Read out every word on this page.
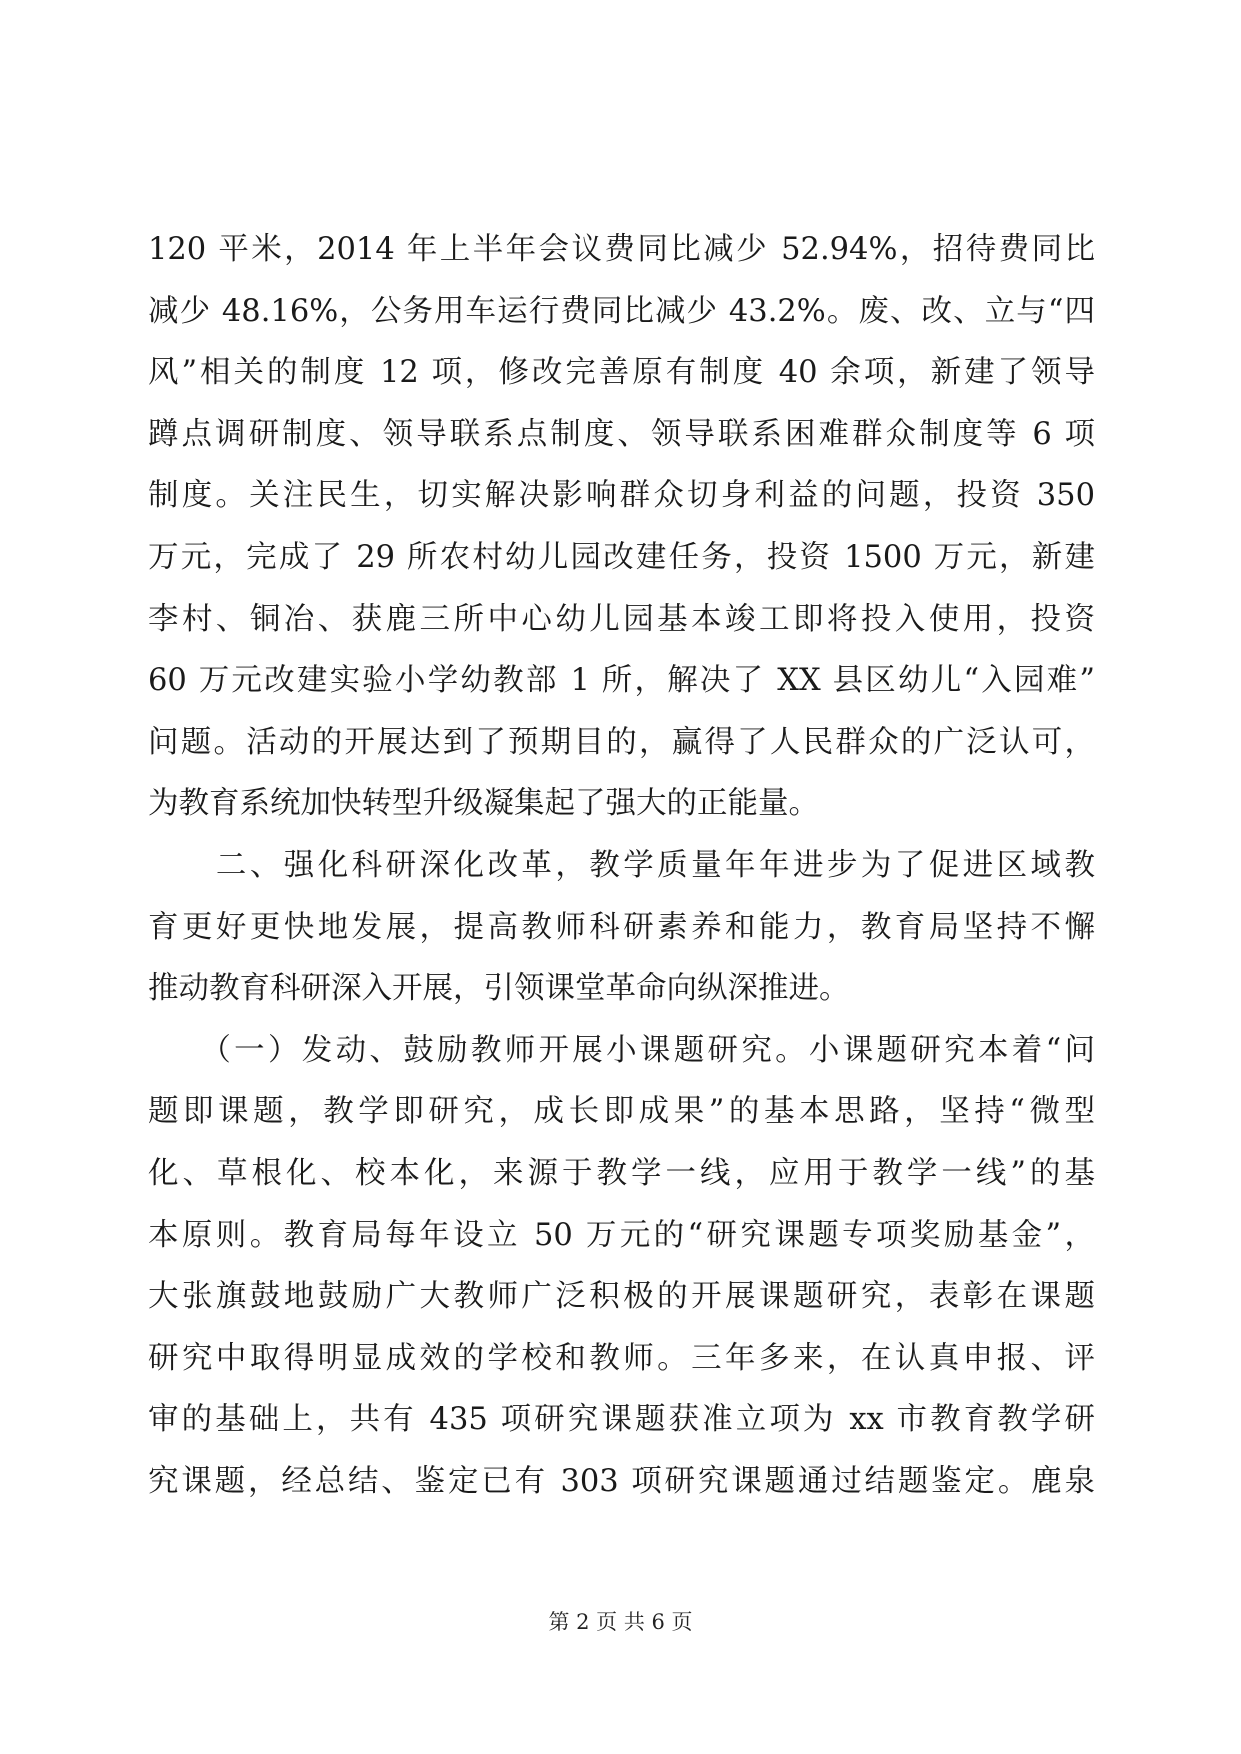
120 平米，2014 年上半年会议费同比减少 52.94%，招待费同比
减少 48.16%，公务用车运行费同比减少 43.2%。废、改、立与“四
风”相关的制度 12 项，修改完善原有制度 40 余项，新建了领导
蹲点调研制度、领导联系点制度、领导联系困难群众制度等 6 项
制度。关注民生，切实解决影响群众切身利益的问题，投资 350
万元，完成了 29 所农村幼儿园改建任务，投资 1500 万元，新建
李村、铜冶、获鹿三所中心幼儿园基本竣工即将投入使用，投资
60 万元改建实验小学幼教部 1 所，解决了 XX 县区幼儿“入园难”
问题。活动的开展达到了预期目的，赢得了人民群众的广泛认可，
为教育系统加快转型升级凝集起了强大的正能量。
　　二、强化科研深化改革，教学质量年年进步为了促进区域教
育更好更快地发展，提高教师科研素养和能力，教育局坚持不懈
推动教育科研深入开展，引领课堂革命向纵深推进。
　　（一）发动、鼓励教师开展小课题研究。小课题研究本着“问
题即课题，教学即研究，成长即成果”的基本思路，坚持“微型
化、草根化、校本化，来源于教学一线，应用于教学一线”的基
本原则。教育局每年设立 50 万元的“研究课题专项奖励基金”，
大张旗鼓地鼓励广大教师广泛积极的开展课题研究，表彰在课题
研究中取得明显成效的学校和教师。三年多来，在认真申报、评
审的基础上，共有 435 项研究课题获准立项为 xx 市教育教学研
究课题，经总结、鉴定已有 303 项研究课题通过结题鉴定。鹿泉
第 2 页 共 6 页
